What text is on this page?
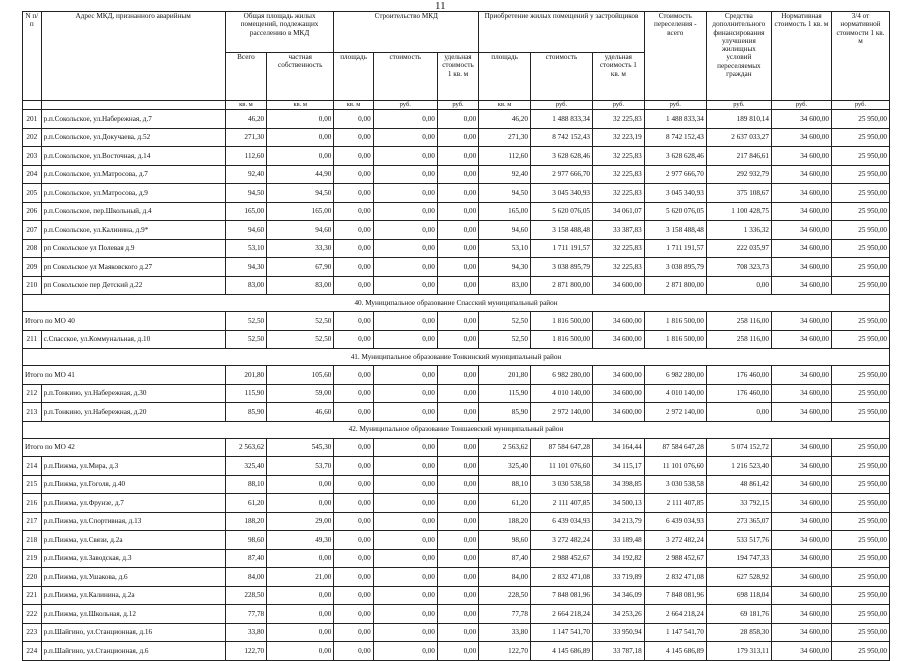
11
N п/п	Адрес МКД, признанного аварийным	Общая площадь жилых помещений, подлежащих расселению в МКД		Строительство МКД			Приобретение жилых помещений у застройщиков			Стоимость переселения - всего	Средства дополнительного финансирования улучшения жилищных условий переселяемых граждан	Нормативная стоимость 1 кв. м	3/4 от нормативной стоимости 1 кв. м
		Всего	частная собственность	площадь	стоимость	удельная стоимость 1 кв. м	площадь	стоимость	удельная стоимость 1 кв. м				
		кв. м	кв. м	кв. м	руб.	руб.	кв. м	руб.	руб.	руб.	руб.	руб.	руб.
201	р.п.Сокольское, ул.Набережная, д.7	46,20	0,00	0,00	0,00	0,00	46,20	1 488 833,34	32 225,83	1 488 833,34	189 810,14	34 600,00	25 950,00
202	р.п.Сокольское, ул.Докучаева, д.52	271,30	0,00	0,00	0,00	0,00	271,30	8 742 152,43	32 223,19	8 742 152,43	2 637 033,27	34 600,00	25 950,00
203	р.п.Сокольское, ул.Восточная, д.14	112,60	0,00	0,00	0,00	0,00	112,60	3 628 628,46	32 225,83	3 628 628,46	217 846,61	34 600,00	25 950,00
204	р.п.Сокольское, ул.Матросова, д.7	92,40	44,90	0,00	0,00	0,00	92,40	2 977 666,70	32 225,83	2 977 666,70	292 932,79	34 600,00	25 950,00
205	р.п.Сокольское, ул.Матросова, д.9	94,50	94,50	0,00	0,00	0,00	94,50	3 045 340,93	32 225,83	3 045 340,93	375 108,67	34 600,00	25 950,00
206	р.п.Сокольское, пер.Школьный, д.4	165,00	165,00	0,00	0,00	0,00	165,00	5 620 076,05	34 061,07	5 620 076,05	1 100 428,75	34 600,00	25 950,00
207	р.п.Сокольское, ул.Калинина, д.9*	94,60	94,60	0,00	0,00	0,00	94,60	3 158 488,48	33 387,83	3 158 488,48	1 336,32	34 600,00	25 950,00
208	рп Сокольское ул Полевая д.9	53,10	33,30	0,00	0,00	0,00	53,10	1 711 191,57	32 225,83	1 711 191,57	222 035,97	34 600,00	25 950,00
209	рп Сокольское ул Маяковского д.27	94,30	67,90	0,00	0,00	0,00	94,30	3 038 895,79	32 225,83	3 038 895,79	708 323,73	34 600,00	25 950,00
210	рп Сокольское пер Детский д.22	83,00	83,00	0,00	0,00	0,00	83,00	2 871 800,00	34 600,00	2 871 800,00	0,00	34 600,00	25 950,00
40. Муниципальное образование Спасский муниципальный район													
Итого по МО 40		52,50	52,50	0,00	0,00	0,00	52,50	1 816 500,00	34 600,00	1 816 500,00	258 116,00	34 600,00	25 950,00
211	с.Спасское, ул.Коммунальная, д.10	52,50	52,50	0,00	0,00	0,00	52,50	1 816 500,00	34 600,00	1 816 500,00	258 116,00	34 600,00	25 950,00
41. Муниципальное образование Тонкинский муниципальный район													
Итого по МО 41		201,80	105,60	0,00	0,00	0,00	201,80	6 982 280,00	34 600,00	6 982 280,00	176 460,00	34 600,00	25 950,00
212	р.п.Тонкино, ул.Набережная, д.30	115,90	59,00	0,00	0,00	0,00	115,90	4 010 140,00	34 600,00	4 010 140,00	176 460,00	34 600,00	25 950,00
213	р.п.Тонкино, ул.Набережная, д.20	85,90	46,60	0,00	0,00	0,00	85,90	2 972 140,00	34 600,00	2 972 140,00	0,00	34 600,00	25 950,00
42. Муниципальное образование Тоншаевский муниципальный район													
Итого по МО 42		2 563,62	545,30	0,00	0,00	0,00	2 563,62	87 584 647,28	34 164,44	87 584 647,28	5 074 152,72	34 600,00	25 950,00
214	р.п.Пижма, ул.Мира, д.3	325,40	53,70	0,00	0,00	0,00	325,40	11 101 076,60	34 115,17	11 101 076,60	1 216 523,40	34 600,00	25 950,00
215	р.п.Пижма, ул.Гоголя, д.40	88,10	0,00	0,00	0,00	0,00	88,10	3 030 538,58	34 398,85	3 030 538,58	48 861,42	34 600,00	25 950,00
216	р.п.Пижма, ул.Фрунзе, д.7	61,20	0,00	0,00	0,00	0,00	61,20	2 111 407,85	34 500,13	2 111 407,85	33 792,15	34 600,00	25 950,00
217	р.п.Пижма, ул.Спортивная, д.13	188,20	29,00	0,00	0,00	0,00	188,20	6 439 034,93	34 213,79	6 439 034,93	273 365,07	34 600,00	25 950,00
218	р.п.Пижма, ул.Связи, д.2а	98,60	49,30	0,00	0,00	0,00	98,60	3 272 482,24	33 189,48	3 272 482,24	533 517,76	34 600,00	25 950,00
219	р.п.Пижма, ул.Заводская, д.3	87,40	0,00	0,00	0,00	0,00	87,40	2 988 452,67	34 192,82	2 988 452,67	194 747,33	34 600,00	25 950,00
220	р.п.Пижма, ул.Ушакова, д.6	84,00	21,00	0,00	0,00	0,00	84,00	2 832 471,08	33 719,89	2 832 471,08	627 528,92	34 600,00	25 950,00
221	р.п.Пижма, ул.Калинина, д.2а	228,50	0,00	0,00	0,00	0,00	228,50	7 848 081,96	34 346,09	7 848 081,96	698 118,04	34 600,00	25 950,00
222	р.п.Пижма, ул.Школьная, д.12	77,78	0,00	0,00	0,00	0,00	77,78	2 664 218,24	34 253,26	2 664 218,24	69 181,76	34 600,00	25 950,00
223	р.п.Шайгино, ул.Станционная, д.16	33,80	0,00	0,00	0,00	0,00	33,80	1 147 541,70	33 950,94	1 147 541,70	28 858,30	34 600,00	25 950,00
224	р.п.Шайгино, ул.Станционная, д.6	122,70	0,00	0,00	0,00	0,00	122,70	4 145 686,89	33 787,18	4 145 686,89	179 313,11	34 600,00	25 950,00
